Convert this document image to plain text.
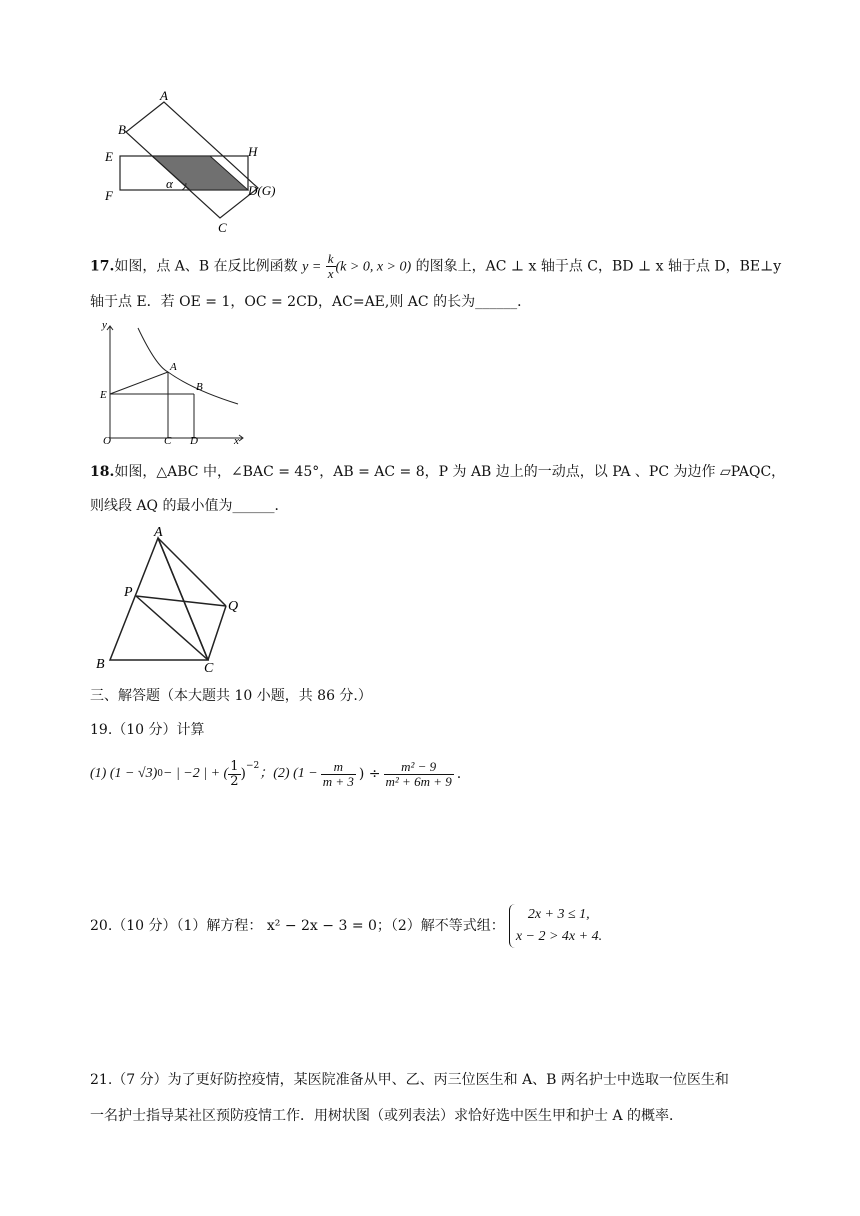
A
B
E	H
F
α	D(G)
C
17.如图，点 A、B 在反比例函数 $y = \frac{k}{x} (k > 0$, x > 0) 的图象上，AC ⊥ x 轴于点 C，BD ⊥ x 轴于点 D，BE⊥y
轴于点 E．若 OE = 1，OC = 2CD，AC=AE,则 AC 的长为______．
y
A
B
E
O	C D	x
18.如图，△ABC 中，∠BAC = 45°，AB = AC = 8，P 为 AB 边上的一动点，以 PA 、PC 为边作 ▱PAQC，
则线段 AQ 的最小值为______．
A
P
Q
B	C
三、解答题（本大题共 10 小题，共 86 分.）
19.（10 分）计算
(1) (1 − √3) 0 − | −2 | + ( $\frac{1}{2} )^{-2}$ ；(2) ($1 - \frac{m}{m + 3}$ ) ÷ $\frac{\text{m² − 9}}{\text{m² + 6m + 9}}$ .
20.（10 分）（1）解方程： x² − 2x − 3 = 0；（2）解不等式组：
2x + 3 ≤ 1,
x − 2 > 4x + 4.
21.（7 分）为了更好防控疫情，某医院准备从甲、乙、丙三位医生和 A、B 两名护士中选取一位医生和
一名护士指导某社区预防疫情工作．用树状图（或列表法）求恰好选中医生甲和护士 A 的概率．
